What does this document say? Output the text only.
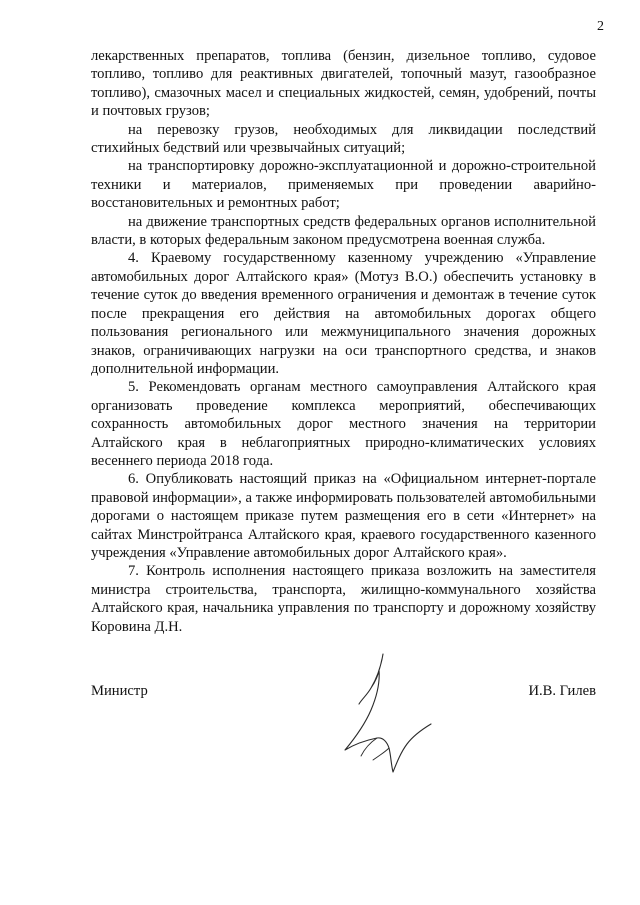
2

лекарственных препаратов, топлива (бензин, дизельное топливо, судовое топливо, топливо для реактивных двигателей, топочный мазут, газообразное топливо), смазочных масел и специальных жидкостей, семян, удобрений, почты и почтовых грузов;

на перевозку грузов, необходимых для ликвидации последствий стихийных бедствий или чрезвычайных ситуаций;

на транспортировку дорожно-эксплуатационной и дорожно-строительной техники и материалов, применяемых при проведении аварийно-восстановительных и ремонтных работ;

на движение транспортных средств федеральных органов исполнительной власти, в которых федеральным законом предусмотрена военная служба.

4. Краевому государственному казенному учреждению «Управление автомобильных дорог Алтайского края» (Мотуз В.О.) обеспечить установку в течение суток до введения временного ограничения и демонтаж в течение суток после прекращения его действия на автомобильных дорогах общего пользования регионального или межмуниципального значения дорожных знаков, ограничивающих нагрузки на оси транспортного средства, и знаков дополнительной информации.

5. Рекомендовать органам местного самоуправления Алтайского края организовать проведение комплекса мероприятий, обеспечивающих сохранность автомобильных дорог местного значения на территории Алтайского края в неблагоприятных природно-климатических условиях весеннего периода 2018 года.

6. Опубликовать настоящий приказ на «Официальном интернет-портале правовой информации», а также информировать пользователей автомобильными дорогами о настоящем приказе путем размещения его в сети «Интернет» на сайтах Минстройтранса Алтайского края, краевого государственного казенного учреждения «Управление автомобильных дорог Алтайского края».

7. Контроль исполнения настоящего приказа возложить на заместителя министра строительства, транспорта, жилищно-коммунального хозяйства Алтайского края, начальника управления по транспорту и дорожному хозяйству Коровина Д.Н.

Министр	И.В. Гилев
